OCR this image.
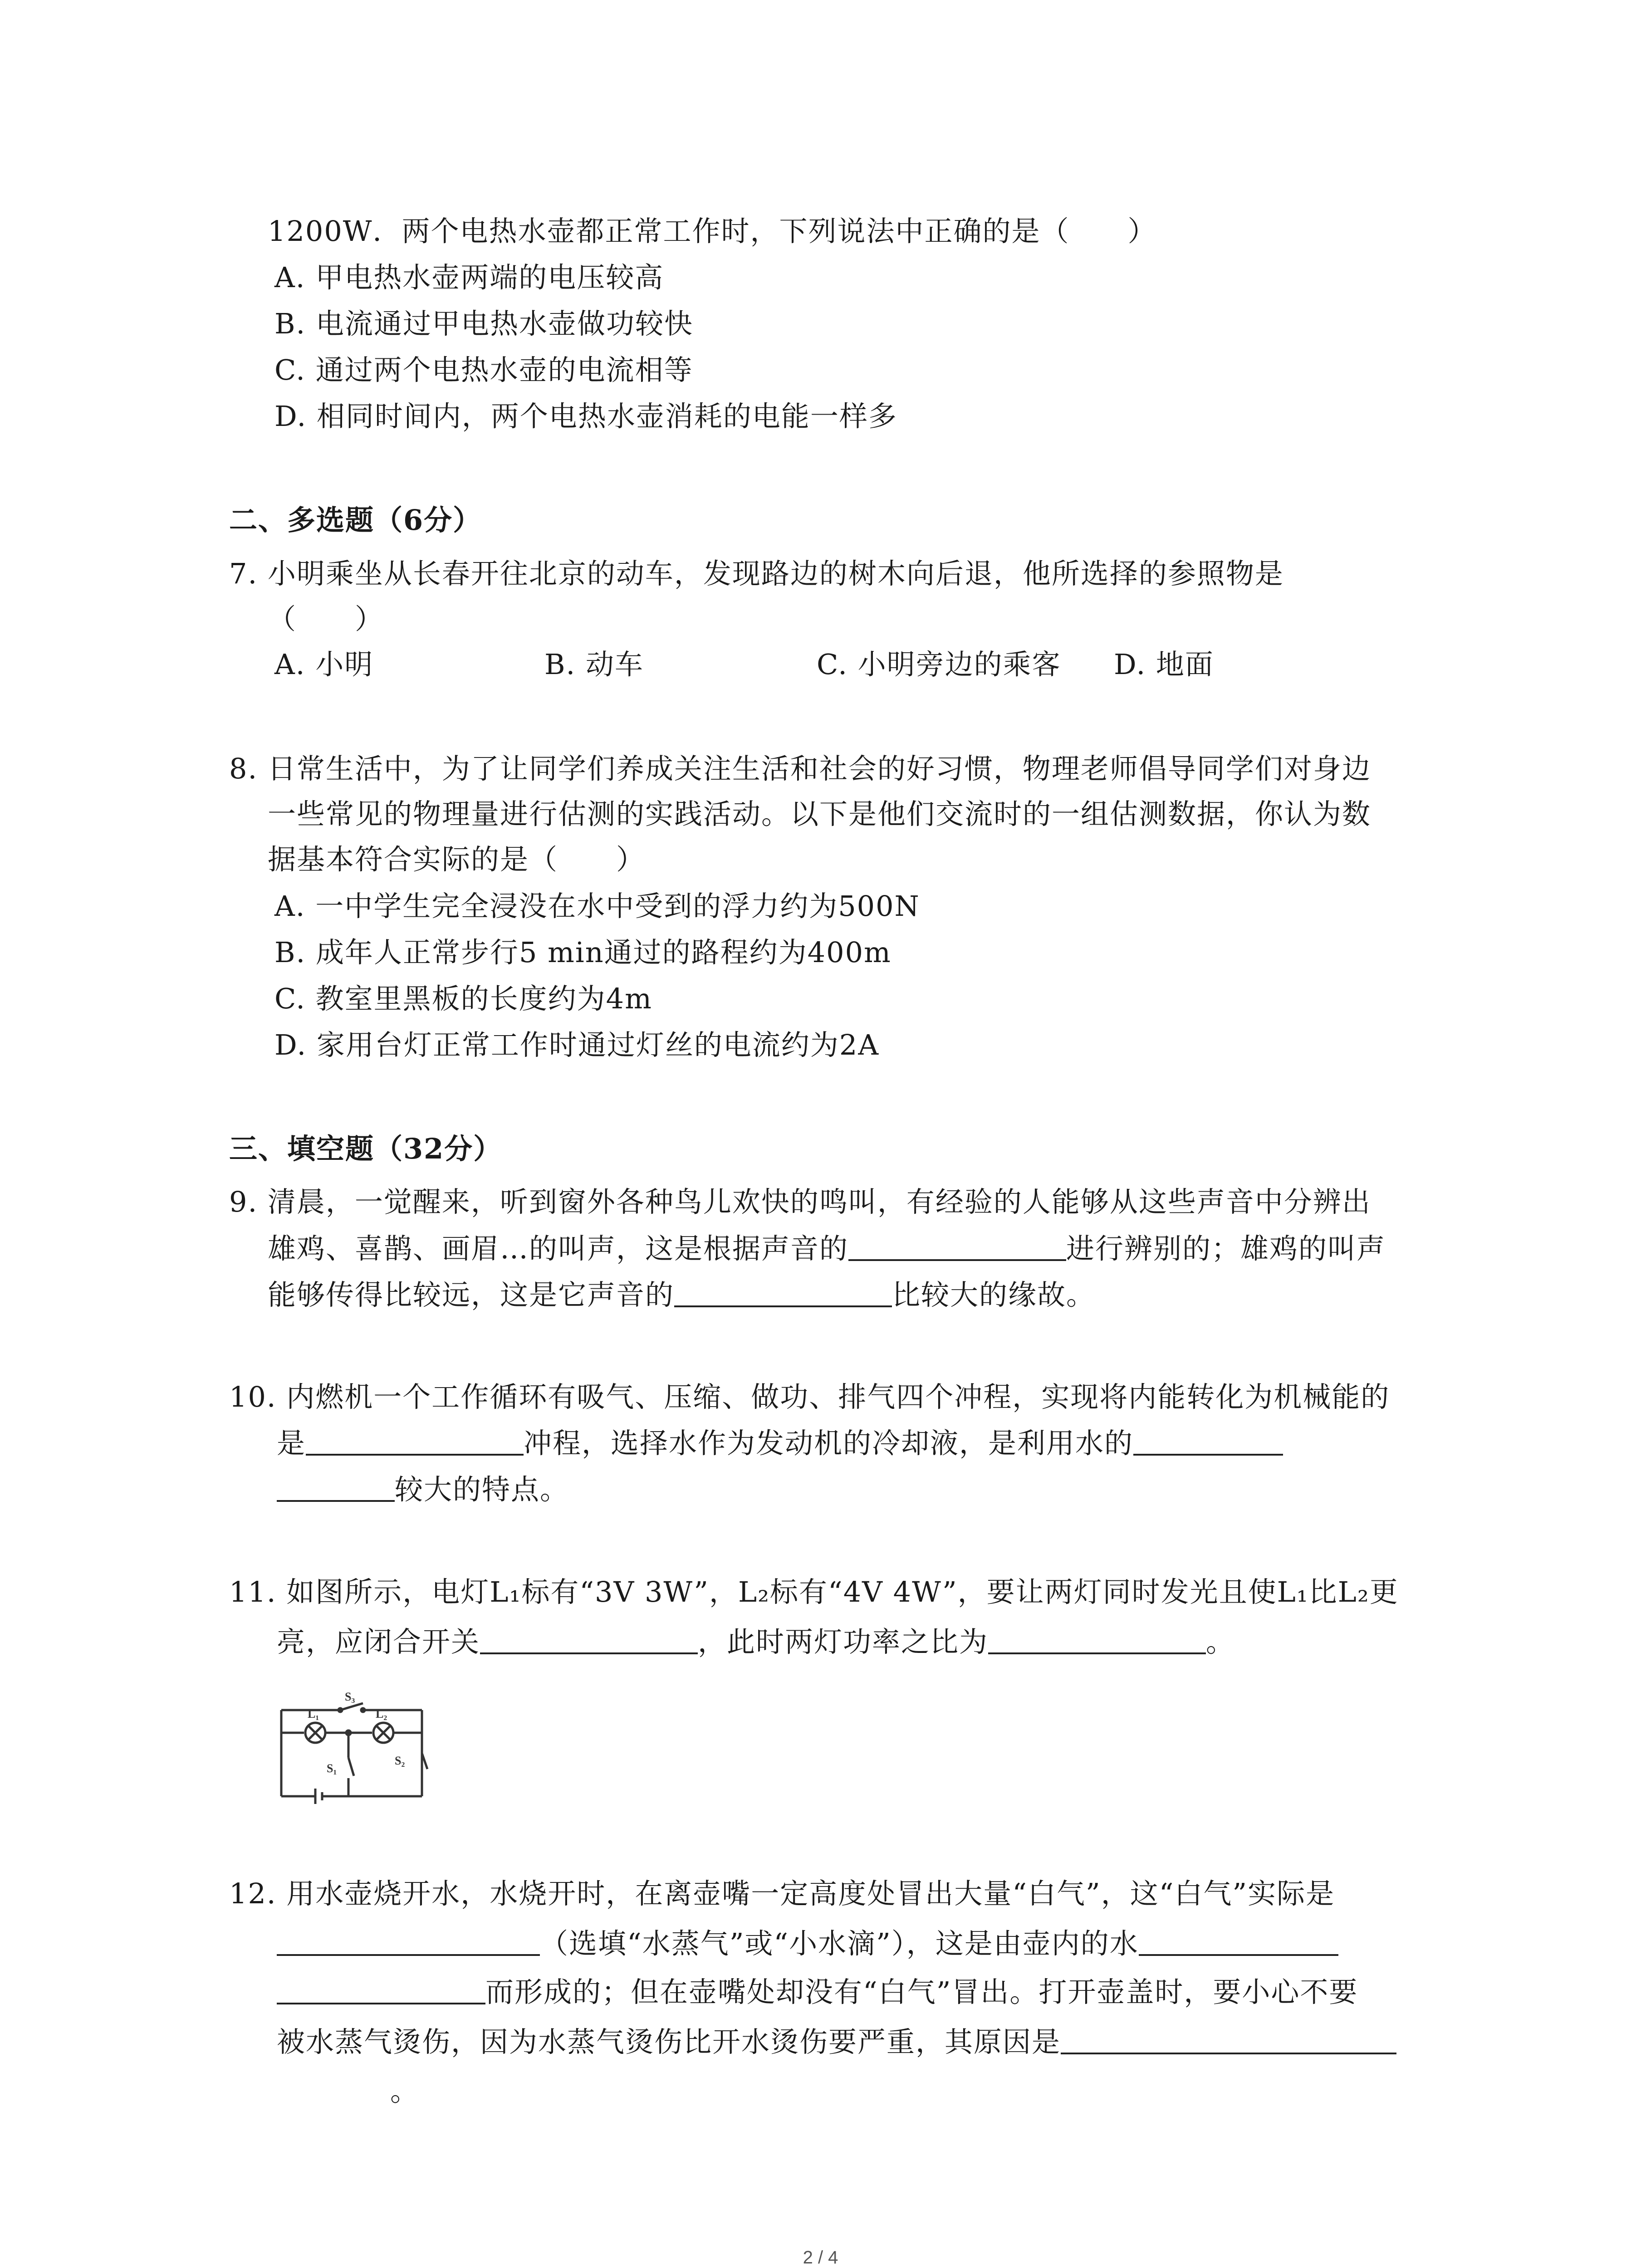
1200W．两个电热水壶都正常工作时，下列说法中正确的是（　　）
A. 甲电热水壶两端的电压较高
B. 电流通过甲电热水壶做功较快
C. 通过两个电热水壶的电流相等
D. 相同时间内，两个电热水壶消耗的电能一样多
二、多选题（6分）
7. 小明乘坐从长春开往北京的动车，发现路边的树木向后退，他所选择的参照物是
（　　）
A. 小明	B. 动车	C. 小明旁边的乘客 D. 地面
8. 日常生活中，为了让同学们养成关注生活和社会的好习惯，物理老师倡导同学们对身边
一些常见的物理量进行估测的实践活动。以下是他们交流时的一组估测数据，你认为数
据基本符合实际的是（　　）
A. 一中学生完全浸没在水中受到的浮力约为500N
B. 成年人正常步行5 min通过的路程约为400m
C. 教室里黑板的长度约为4m
D. 家用台灯正常工作时通过灯丝的电流约为2A
三、填空题（32分）
9. 清晨，一觉醒来，听到窗外各种鸟儿欢快的鸣叫，有经验的人能够从这些声音中分辨出
雄鸡、喜鹊、画眉…的叫声，这是根据声音的	进行辨别的；雄鸡的叫声
能够传得比较远，这是它声音的	比较大的缘故。
10. 内燃机一个工作循环有吸气、压缩、做功、排气四个冲程，实现将内能转化为机械能的
是	冲程，选择水作为发动机的冷却液，是利用水的
较大的特点。
11. 如图所示，电灯L₁标有“3V 3W”，L₂标有“4V 4W”，要让两灯同时发光且使L₁比L₂更
亮，应闭合开关	，此时两灯功率之比为	。
S₃
L₁	L₂
S₁
S₂
12. 用水壶烧开水，水烧开时，在离壶嘴一定高度处冒出大量“白气”，这“白气”实际是
（选填“水蒸气”或“小水滴”），这是由壶内的水
而形成的；但在壶嘴处却没有“白气”冒出。打开壶盖时，要小心不要
被水蒸气烫伤，因为水蒸气烫伤比开水烫伤要严重，其原因是
。
2 / 4
